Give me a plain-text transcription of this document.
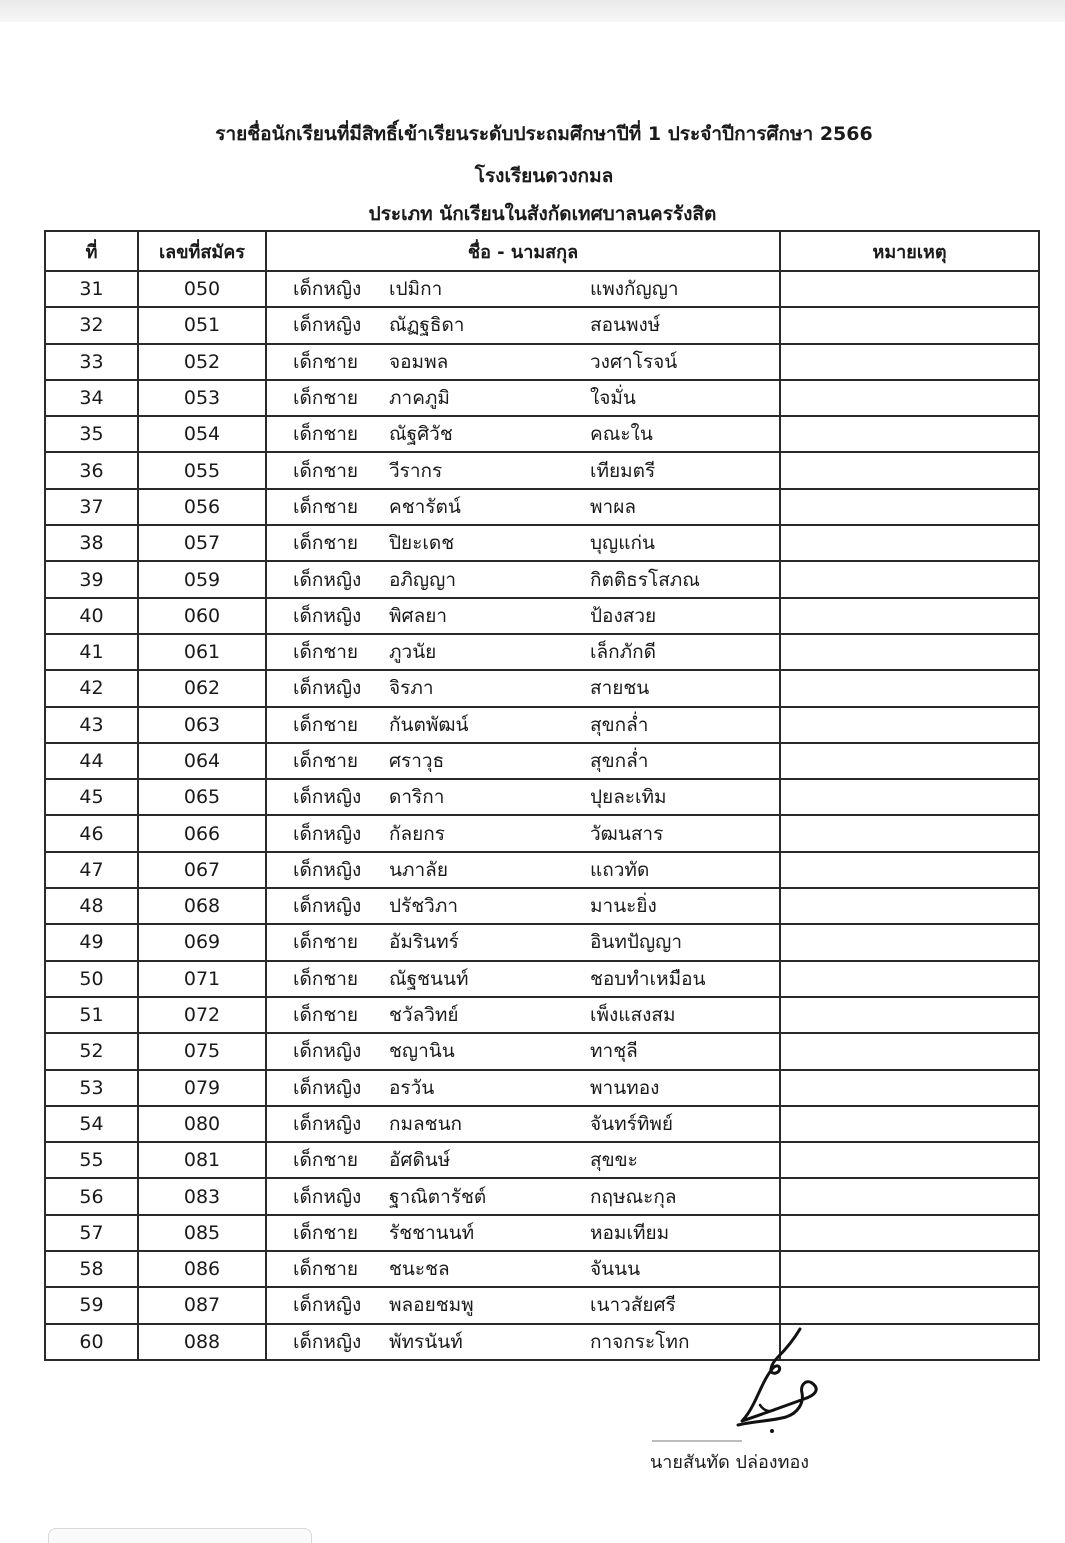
รายชื่อนักเรียนที่มีสิทธิ์เข้าเรียนระดับประถมศึกษาปีที่ 1 ประจำปีการศึกษา 2566
โรงเรียนดวงกมล
ประเภท นักเรียนในสังกัดเทศบาลนครรังสิต
ที่	เลขที่สมัคร	ชื่อ - นามสกุล	หมายเหตุ
31	050	เด็กหญิง เปมิกา แพงกัญญา	

32	051	เด็กหญิง ณัฏฐธิดา สอนพงษ์	

33	052	เด็กชาย จอมพล วงศาโรจน์	

34	053	เด็กชาย ภาคภูมิ ใจมั่น	

35	054	เด็กชาย ณัฐศิวัช คณะใน	

36	055	เด็กชาย วีรากร เทียมตรี	

37	056	เด็กชาย คชารัตน์ พาผล	

38	057	เด็กชาย ปิยะเดช บุญแก่น	

39	059	เด็กหญิง อภิญญา กิตติธรโสภณ	

40	060	เด็กหญิง พิศลยา ป้องสวย	

41	061	เด็กชาย ภูวนัย เล็กภักดี	

42	062	เด็กหญิง จิรภา สายชน	

43	063	เด็กชาย กันตพัฒน์ สุขกล่ำ	

44	064	เด็กชาย ศราวุธ สุขกล่ำ	

45	065	เด็กหญิง ดาริกา ปุยละเทิม	

46	066	เด็กหญิง กัลยกร วัฒนสาร	

47	067	เด็กหญิง นภาลัย แถวทัด	

48	068	เด็กหญิง ปรัชวิภา มานะยิ่ง	

49	069	เด็กชาย อัมรินทร์ อินทปัญญา	

50	071	เด็กชาย ณัฐชนนท์ ชอบทำเหมือน	

51	072	เด็กชาย ชวัลวิทย์ เพ็งแสงสม	

52	075	เด็กหญิง ชญานิน ทาชุลี	

53	079	เด็กหญิง อรวัน พานทอง	

54	080	เด็กหญิง กมลชนก จันทร์ทิพย์	

55	081	เด็กชาย อัศดินษ์ สุขขะ	

56	083	เด็กหญิง ฐาณิตารัชต์ กฤษณะกุล	

57	085	เด็กชาย รัชชานนท์ หอมเทียม	

58	086	เด็กชาย ชนะชล จันนน	

59	087	เด็กหญิง พลอยชมพู เนาวสัยศรี	

60	088	เด็กหญิง พัทรนันท์ กาจกระโทก	

นายสันทัด ปล่องทอง
